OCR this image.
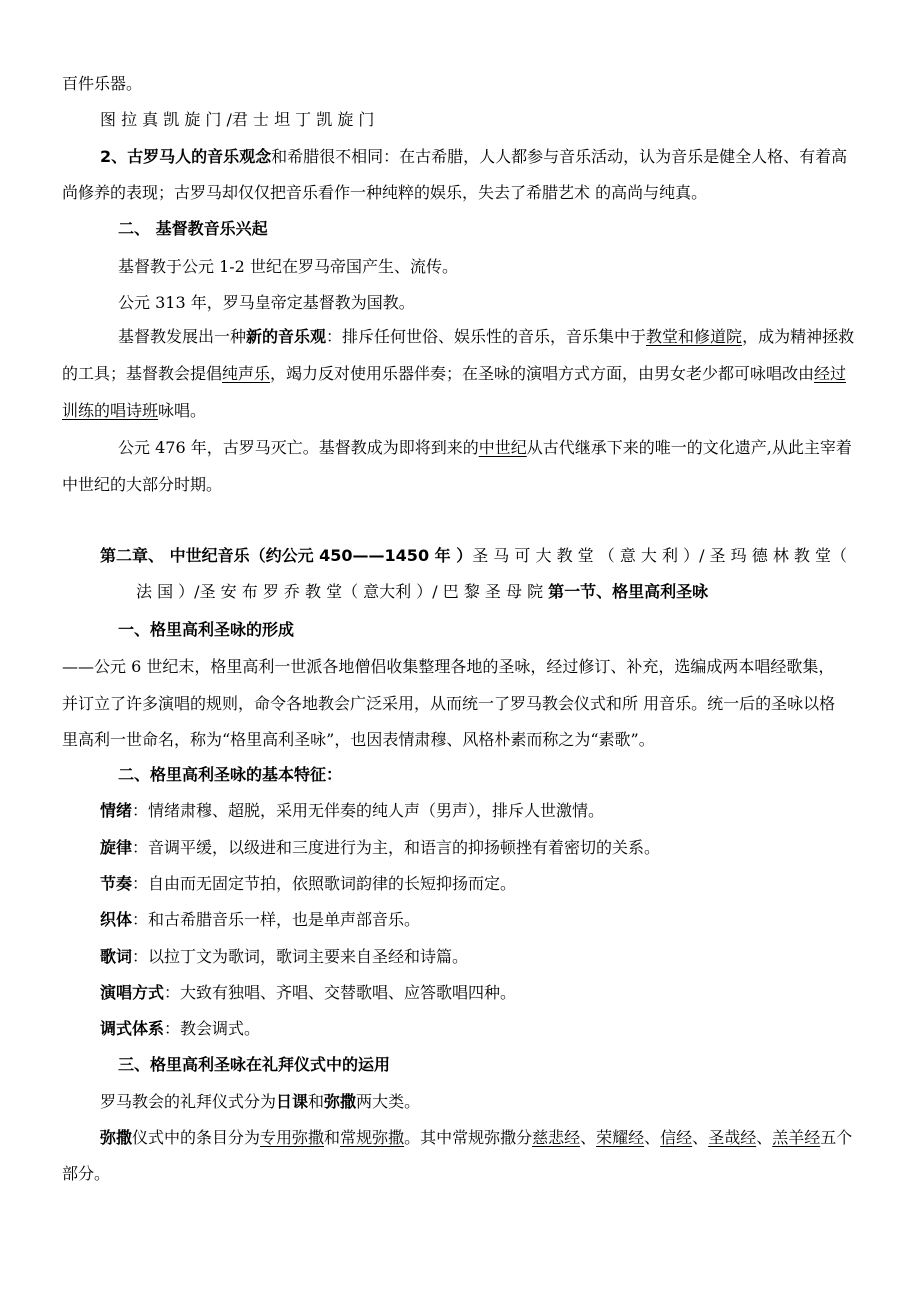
百件乐器。
图 拉 真 凯 旋 门 /君 士 坦 丁 凯 旋 门
2、古罗马人的音乐观念和希腊很不相同：在古希腊，人人都参与音乐活动，认为音乐是健全人格、有着高
尚修养的表现；古罗马却仅仅把音乐看作一种纯粹的娱乐，失去了希腊艺术 的高尚与纯真。
二、 基督教音乐兴起
基督教于公元 1-2 世纪在罗马帝国产生、流传。
公元 313 年，罗马皇帝定基督教为国教。
基督教发展出一种新的音乐观：排斥任何世俗、娱乐性的音乐，音乐集中于教堂和修道院，成为精神拯救
的工具；基督教会提倡纯声乐，竭力反对使用乐器伴奏；在圣咏的演唱方式方面，由男女老少都可咏唱改由经过
训练的唱诗班咏唱。
公元 476 年，古罗马灭亡。基督教成为即将到来的中世纪从古代继承下来的唯一的文化遗产,从此主宰着
中世纪的大部分时期。
第二章、 中世纪音乐（约公元 450——1450 年 ）圣 马 可 大 教 堂 （ 意 大 利 ）/ 圣 玛 德 林 教 堂（
法 国 ）/圣 安 布 罗 乔 教 堂（ 意大利 ）/ 巴 黎 圣 母 院 第一节、格里高利圣咏
一、格里高利圣咏的形成
——公元 6 世纪末，格里高利一世派各地僧侣收集整理各地的圣咏，经过修订、补充，选编成两本唱经歌集，
并订立了许多演唱的规则，命令各地教会广泛采用，从而统一了罗马教会仪式和所 用音乐。统一后的圣咏以格
里高利一世命名，称为“格里高利圣咏”，也因表情肃穆、风格朴素而称之为“素歌”。
二、格里高利圣咏的基本特征：
情绪：情绪肃穆、超脱，采用无伴奏的纯人声（男声），排斥人世激情。
旋律：音调平缓，以级进和三度进行为主，和语言的抑扬顿挫有着密切的关系。
节奏：自由而无固定节拍，依照歌词韵律的长短抑扬而定。
织体：和古希腊音乐一样，也是单声部音乐。
歌词：以拉丁文为歌词，歌词主要来自圣经和诗篇。
演唱方式：大致有独唱、齐唱、交替歌唱、应答歌唱四种。
调式体系：教会调式。
三、格里高利圣咏在礼拜仪式中的运用
罗马教会的礼拜仪式分为日课和弥撒两大类。
弥撒仪式中的条目分为专用弥撒和常规弥撒。其中常规弥撒分慈悲经、荣耀经、信经、圣哉经、羔羊经五个
部分。
